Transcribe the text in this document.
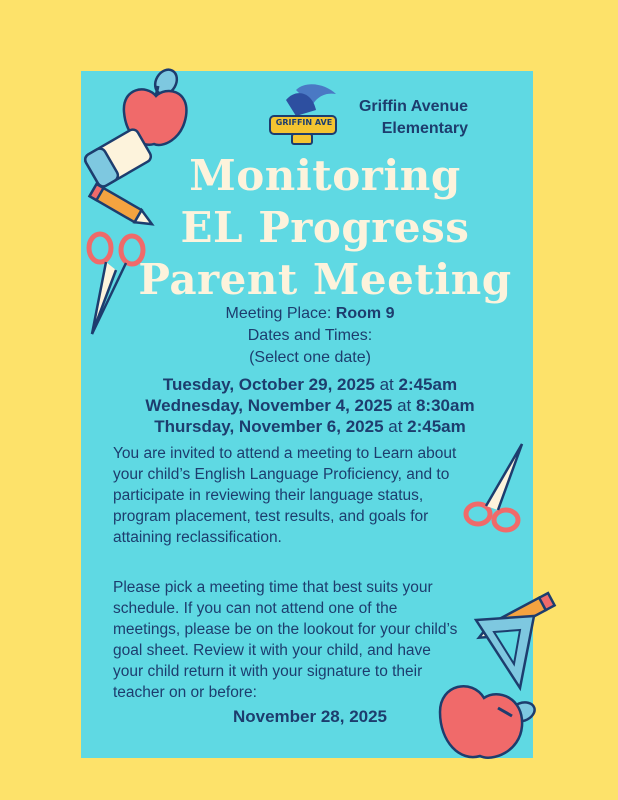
GRIFFIN AVE
Griffin Avenue
Elementary
Monitoring
EL Progress
Parent Meeting
Meeting Place: Room 9
Dates and Times:
(Select one date)
Tuesday, October 29, 2025 at 2:45am
Wednesday, November 4, 2025 at 8:30am
Thursday, November 6, 2025 at 2:45am
You are invited to attend a meeting to Learn about your child’s English Language Proficiency, and to participate in reviewing their language status, program placement, test results, and goals for attaining reclassification.
Please pick a meeting time that best suits your schedule. If you can not attend one of the meetings, please be on the lookout for your child’s goal sheet. Review it with your child, and have your child return it with your signature to their teacher on or before:
November 28, 2025
